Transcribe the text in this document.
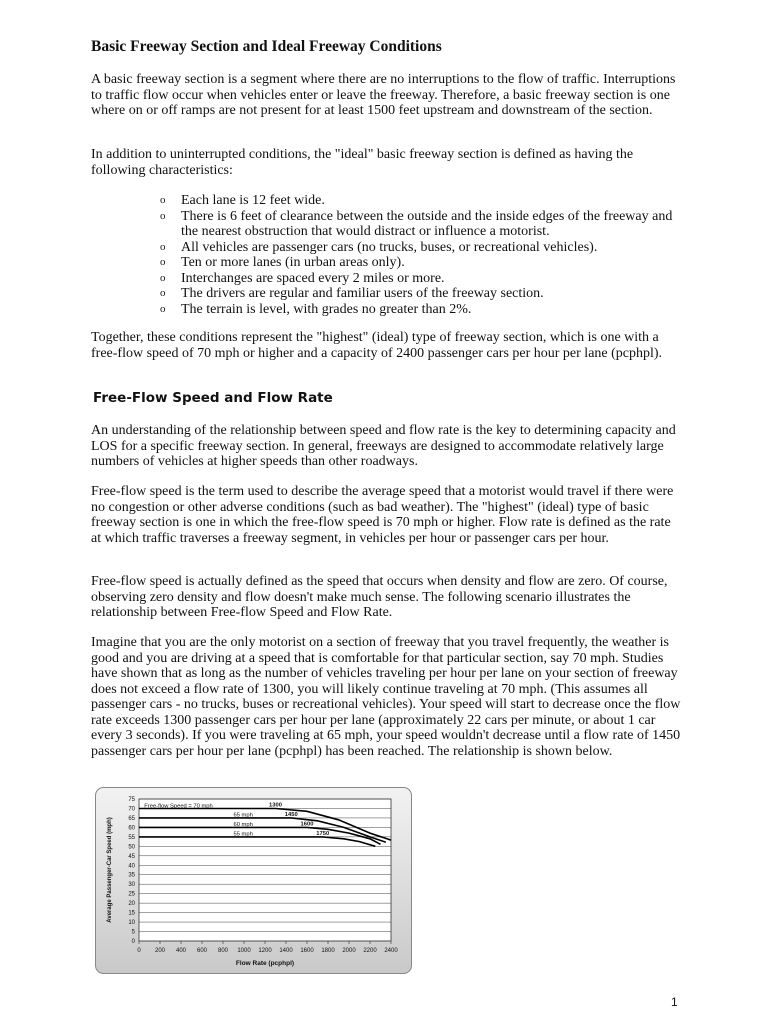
Basic Freeway Section and Ideal Freeway Conditions

A basic freeway section is a segment where there are no interruptions to the flow of traffic. Interruptions to traffic flow occur when vehicles enter or leave the freeway. Therefore, a basic freeway section is one where on or off ramps are not present for at least 1500 feet upstream and downstream of the section.

In addition to uninterrupted conditions, the "ideal" basic freeway section is defined as having the following characteristics:

o Each lane is 12 feet wide.
o There is 6 feet of clearance between the outside and the inside edges of the freeway and the nearest obstruction that would distract or influence a motorist.
o All vehicles are passenger cars (no trucks, buses, or recreational vehicles).
o Ten or more lanes (in urban areas only).
o Interchanges are spaced every 2 miles or more.
o The drivers are regular and familiar users of the freeway section.
o The terrain is level, with grades no greater than 2%.

Together, these conditions represent the "highest" (ideal) type of freeway section, which is one with a free-flow speed of 70 mph or higher and a capacity of 2400 passenger cars per hour per lane (pcphpl).

Free-Flow Speed and Flow Rate

An understanding of the relationship between speed and flow rate is the key to determining capacity and LOS for a specific freeway section. In general, freeways are designed to accommodate relatively large numbers of vehicles at higher speeds than other roadways.

Free-flow speed is the term used to describe the average speed that a motorist would travel if there were no congestion or other adverse conditions (such as bad weather). The "highest" (ideal) type of basic freeway section is one in which the free-flow speed is 70 mph or higher. Flow rate is defined as the rate at which traffic traverses a freeway segment, in vehicles per hour or passenger cars per hour.

Free-flow speed is actually defined as the speed that occurs when density and flow are zero. Of course, observing zero density and flow doesn't make much sense. The following scenario illustrates the relationship between Free-flow Speed and Flow Rate.

Imagine that you are the only motorist on a section of freeway that you travel frequently, the weather is good and you are driving at a speed that is comfortable for that particular section, say 70 mph. Studies have shown that as long as the number of vehicles traveling per hour per lane on your section of freeway does not exceed a flow rate of 1300, you will likely continue traveling at 70 mph. (This assumes all passenger cars - no trucks, buses or recreational vehicles). Your speed will start to decrease once the flow rate exceeds 1300 passenger cars per hour per lane (approximately 22 cars per minute, or about 1 car every 3 seconds). If you were traveling at 65 mph, your speed wouldn't decrease until a flow rate of 1450 passenger cars per hour per lane (pcphpl) has been reached. The relationship is shown below.

0
5
10
15
20
25
30
35
40
45
50
55
60
65
70
75
0 200 400 600 800 1000 1200 1400 1600 1800 2000 2200 2400
Free-flow Speed = 70 mph	1300
65 mph	1450
60 mph	1600
55 mph	1750
Flow Rate (pcphpl)
Average Passenger-Car Speed (mph)
1
